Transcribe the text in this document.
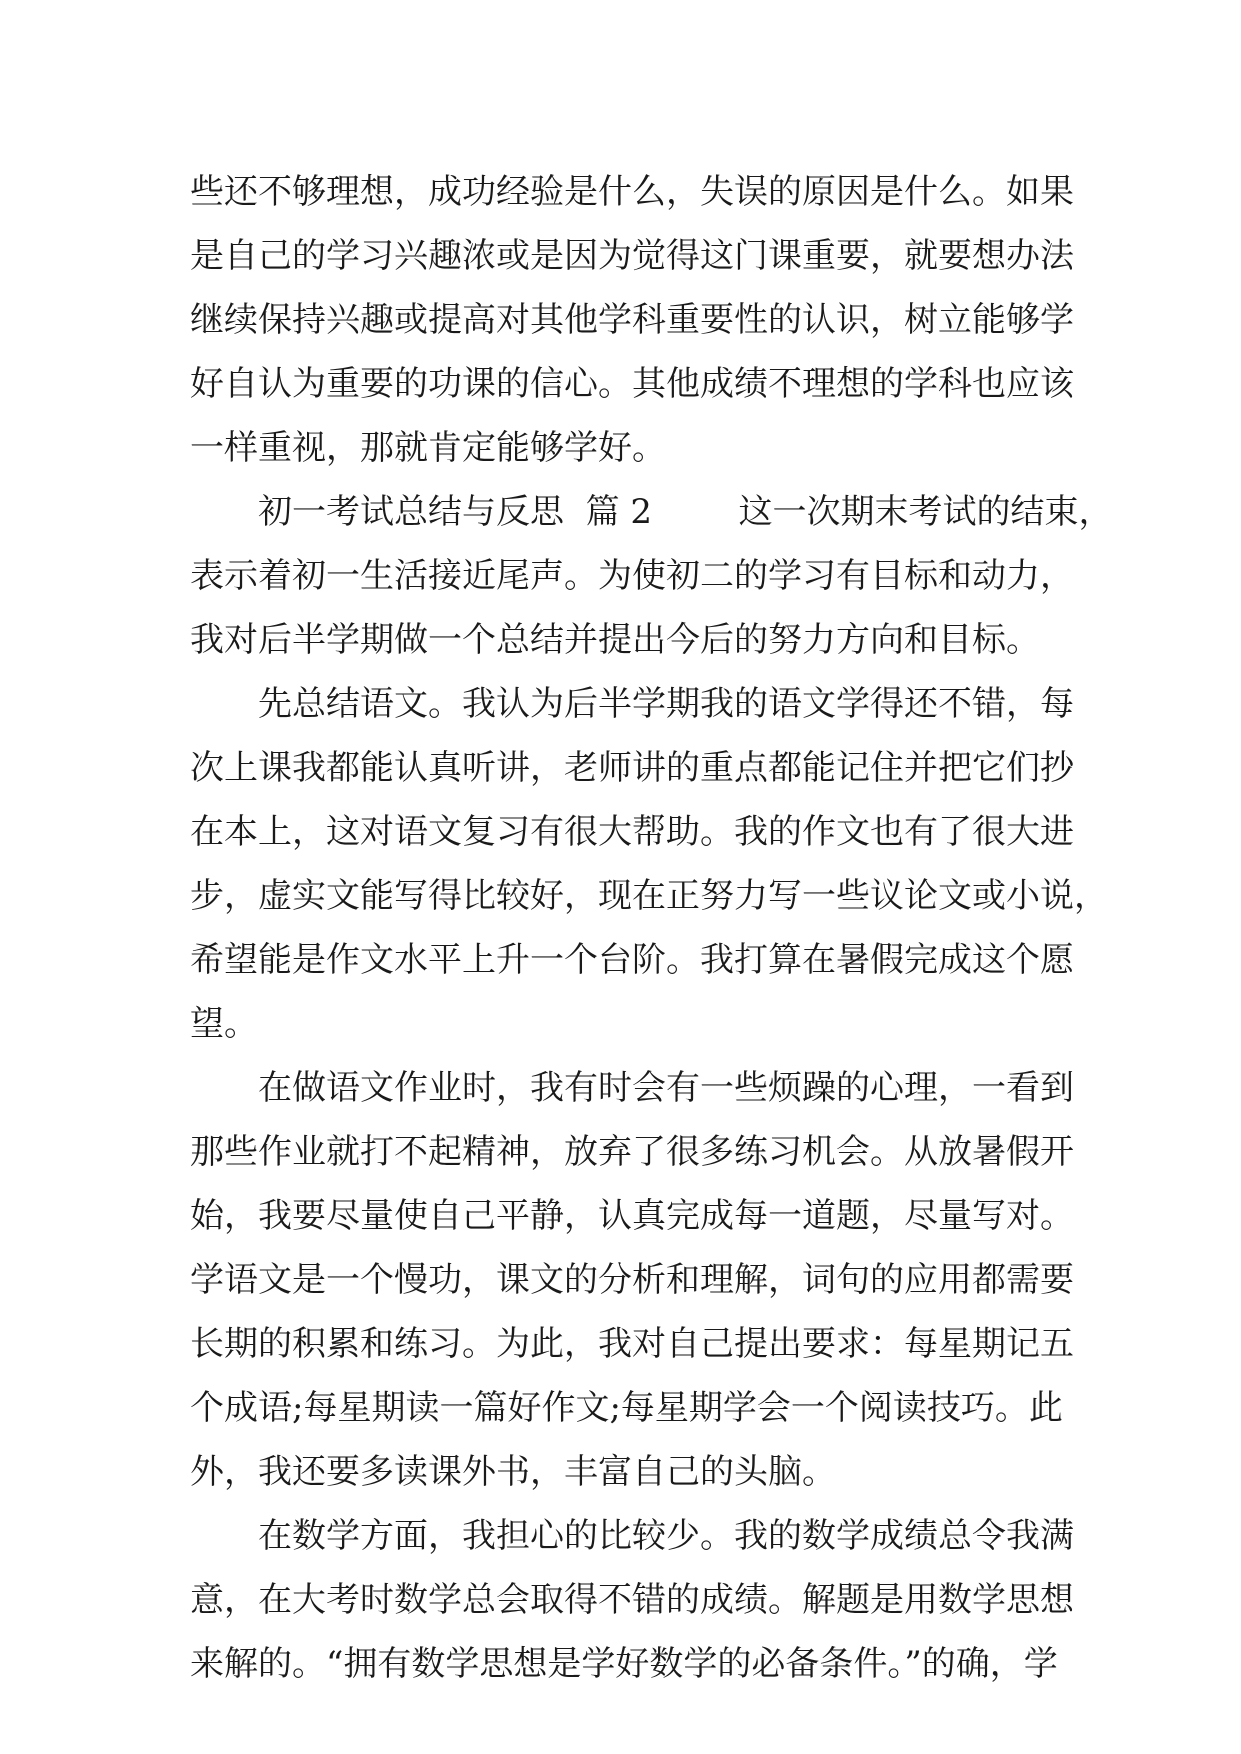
些还不够理想，成功经验是什么，失误的原因是什么。如果
是自己的学习兴趣浓或是因为觉得这门课重要，就要想办法
继续保持兴趣或提高对其他学科重要性的认识，树立能够学
好自认为重要的功课的信心。其他成绩不理想的学科也应该
一样重视，那就肯定能够学好。
初一考试总结与反思  篇 2        这一次期末考试的结束，
表示着初一生活接近尾声。为使初二的学习有目标和动力，
我对后半学期做一个总结并提出今后的努力方向和目标。
先总结语文。我认为后半学期我的语文学得还不错，每
次上课我都能认真听讲，老师讲的重点都能记住并把它们抄
在本上，这对语文复习有很大帮助。我的作文也有了很大进
步，虚实文能写得比较好，现在正努力写一些议论文或小说，
希望能是作文水平上升一个台阶。我打算在暑假完成这个愿
望。
在做语文作业时，我有时会有一些烦躁的心理，一看到
那些作业就打不起精神，放弃了很多练习机会。从放暑假开
始，我要尽量使自己平静，认真完成每一道题，尽量写对。
学语文是一个慢功，课文的分析和理解，词句的应用都需要
长期的积累和练习。为此，我对自己提出要求：每星期记五
个成语;每星期读一篇好作文;每星期学会一个阅读技巧。此
外，我还要多读课外书，丰富自己的头脑。
在数学方面，我担心的比较少。我的数学成绩总令我满
意，在大考时数学总会取得不错的成绩。解题是用数学思想
来解的。“拥有数学思想是学好数学的必备条件。”的确，学
